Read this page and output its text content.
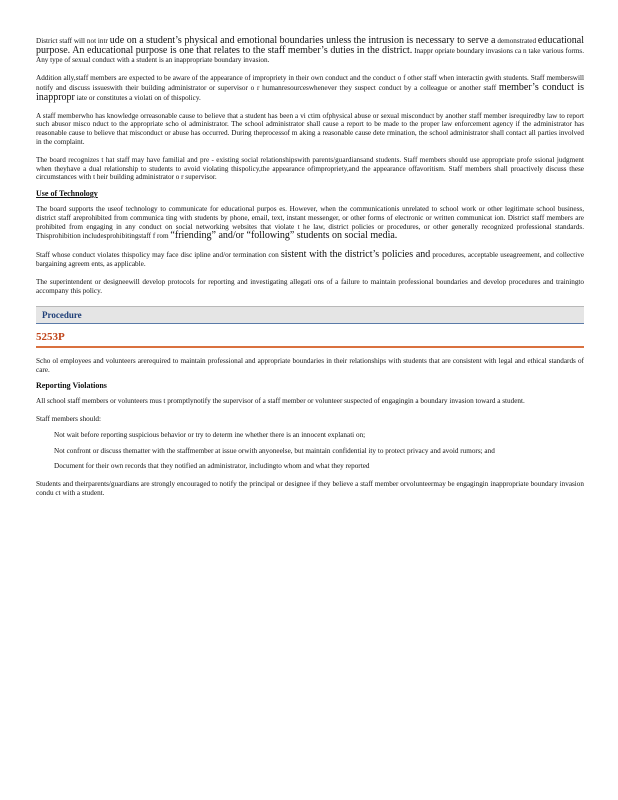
District staff will not intr ude on a student’s physical and emotional boundaries unless the intrusion is necessary to serve a demonstrated educational purpose. An educational purpose is one that relates to the staff member’s duties in the district. Inappr opriate boundary invasions ca n take various forms. Any type of sexual conduct with a student is an inappropriate boundary invasion.

Addition ally,staff members are expected to be aware of the appearance of impropriety in their own conduct and the conduct o f other staff when interactin gwith students. Staff memberswill notify and discuss issueswith their building administrator or supervisor o r humanresourceswhenever they suspect conduct by a colleague or another staff member’s conduct is inappropr iate or constitutes a violati on of thispolicy.

A staff memberwho has knowledge orreasonable cause to believe that a student has been a vi ctim ofphysical abuse or sexual misconduct by another staff member isrequiredby law to report such abusor misco nduct to the appropriate scho ol administrator. The school administrator shall cause a report to be made to the proper law enforcement agency if the administrator has reasonable cause to believe that misconduct or abuse has occurred. During theprocessof m aking a reasonable cause dete rmination, the school administrator shall contact all parties involved in the complaint.

The board recognizes t hat staff may have familial and pre - existing social relationshipswith parents/guardiansand students. Staff members should use appropriate profe ssional judgment when theyhave a dual relationship to students to avoid violating thispolicy,the appearance ofimpropriety,and the appearance offavoritism. Staff members shall proactively discuss these circumstances with t heir building administrator o r supervisor.

Use of Technology

The board supports the useof technology to communicate for educational purpos es. However, when the communicationis unrelated to school work or other legitimate school business, district staff areprohibited from communica ting with students by phone, email, text, instant messenger, or other forms of electronic or written communicat ion. District staff members are prohibited from engaging in any conduct on social networking websites that violate t he law, district policies or procedures, or other generally recognized professional standards. Thisprohibition includesprohibitingstaff f rom “friending” and/or “following” students on social media.

Staff whose conduct violates thispolicy may face disc ipline and/or termination con sistent with the district’s policies and procedures, acceptable useagreement, and collective bargaining agreem ents, as applicable.

The superintendent or designeewill develop protocols for reporting and investigating allegati ons of a failure to maintain professional boundaries and develop procedures and trainingto accompany this policy.

Procedure
5253P

Scho ol employees and volunteers arerequired to maintain professional and appropriate boundaries in their relationships with students that are consistent with legal and ethical standards of care.

Reporting Violations

All school staff members or volunteers mus t promptlynotify the supervisor of a staff member or volunteer suspected of engagingin a boundary invasion toward a student.

Staff members should:

Not wait before reporting suspicious behavior or try to determ ine whether there is an innocent explanati on;

Not confront or discuss thematter with the staffmember at issue orwith anyoneelse, but maintain confidential ity to protect privacy and avoid rumors; and

Document for their own records that they notified an administrator, includingto whom and what they reported

Students and theirparents/guardians are strongly encouraged to notify the principal or designee if they believe a staff member orvolunteermay be engagingin inappropriate boundary invasion condu ct with a student.
